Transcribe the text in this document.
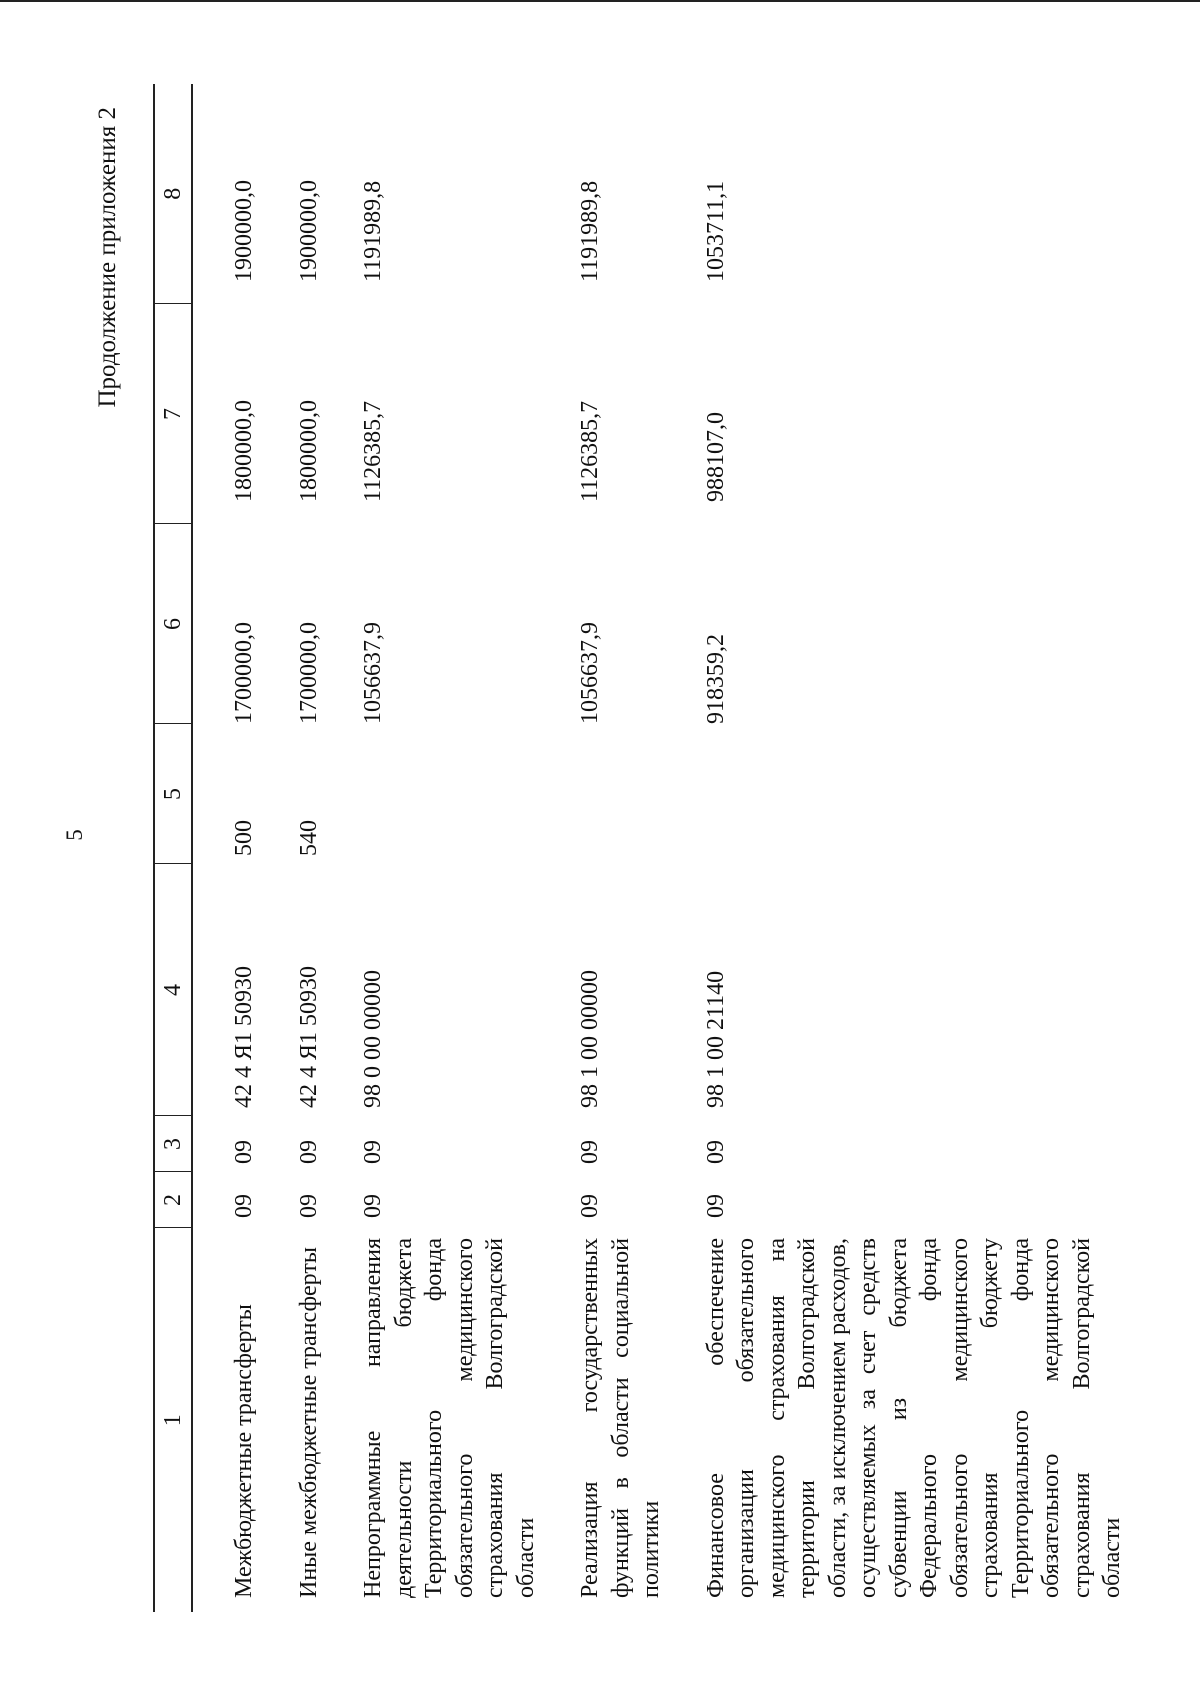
5
Продолжение приложения 2
1	2	3	4	5	6	7	8
Межбюджетные трансферты	09	09	42 4 Я1 50930	500	1700000,0	1800000,0	1900000,0
Иные межбюджетные трансферты	09	09	42 4 Я1 50930	540	1700000,0	1800000,0	1900000,0
Непрограммные направления деятельности бюджета Территориального фонда обязательного медицинского страхования Волгоградской области	09	09	98 0 00 00000		1056637,9	1126385,7	1191989,8
Реализация государственных функций в области социальной политики	09	09	98 1 00 00000		1056637,9	1126385,7	1191989,8
Финансовое обеспечение организации обязательного медицинского страхования на территории Волгоградской области, за исключением расходов, осуществляемых за счет средств субвенции из бюджета Федерального фонда обязательного медицинского страхования бюджету Территориального фонда обязательного медицинского страхования Волгоградской области	09	09	98 1 00 21140		918359,2	988107,0	1053711,1
